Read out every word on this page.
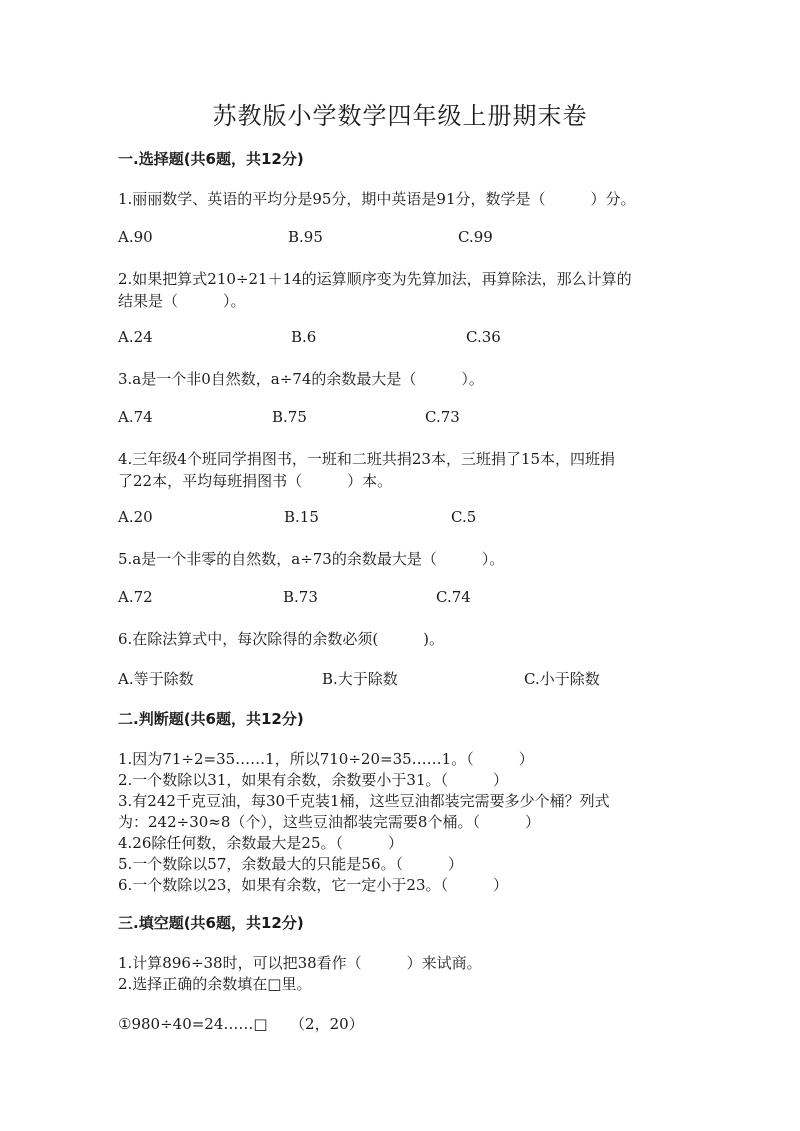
苏教版小学数学四年级上册期末卷
一.选择题(共6题，共12分)
1.丽丽数学、英语的平均分是95分，期中英语是91分，数学是（　　　）分。
A.90	B.95	C.99
2.如果把算式210÷21＋14的运算顺序变为先算加法，再算除法，那么计算的
结果是（　　　）。
A.24	B.6	C.36
3.a是一个非0自然数，a÷74的余数最大是（　　　）。
A.74	B.75	C.73
4.三年级4个班同学捐图书，一班和二班共捐23本，三班捐了15本，四班捐
了22本，平均每班捐图书（　　　）本。
A.20	B.15	C.5
5.a是一个非零的自然数，a÷73的余数最大是（　　　）。
A.72	B.73	C.74
6.在除法算式中，每次除得的余数必须(　　　)。
A.等于除数	B.大于除数	C.小于除数
二.判断题(共6题，共12分)
1.因为71÷2=35……1，所以710÷20=35……1。（　　　）
2.一个数除以31，如果有余数，余数要小于31。（　　　）
3.有242千克豆油，每30千克装1桶，这些豆油都装完需要多少个桶？列式
为：242÷30≈8（个），这些豆油都装完需要8个桶。（　　　）
4.26除任何数，余数最大是25。（　　　）
5.一个数除以57，余数最大的只能是56。（　　　）
6.一个数除以23，如果有余数，它一定小于23。（　　　）
三.填空题(共6题，共12分)
1.计算896÷38时，可以把38看作（　　　）来试商。
2.选择正确的余数填在□里。
①980÷40=24……□　　（2，20）
